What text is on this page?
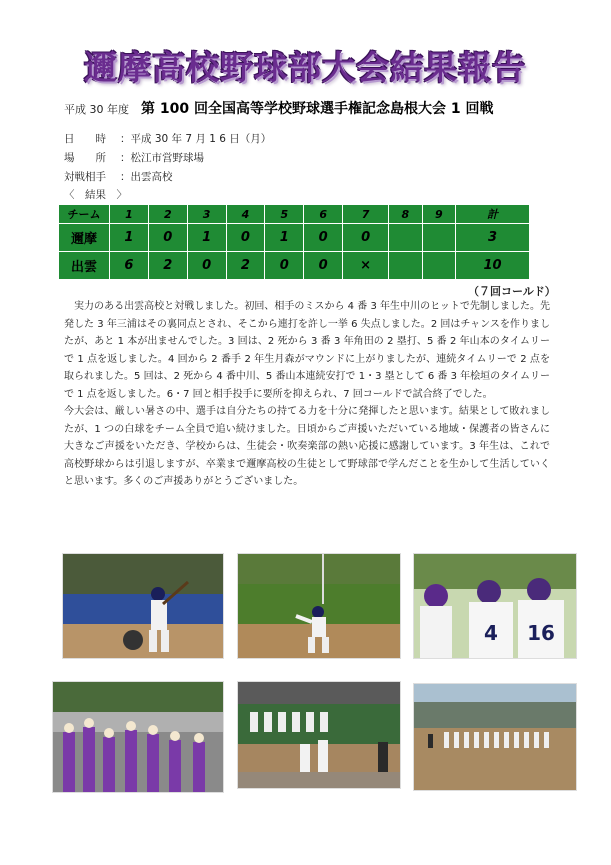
邇摩高校野球部大会結果報告
平成 30 年度 第 100 回全国高等学校野球選手権記念島根大会 1 回戦
日　　時 ：平成 30 年 7 月 1 6 日（月）
場　　所 ：松江市営野球場
対戦相手 ：出雲高校
〈　結果　〉
チーム	1	2	3	4	5	6	7	8	9	計
邇摩	1	0	1	0	1	0	0			3
出雲	6	2	0	2	0	0	×			10
（７回コールド）

　実力のある出雲高校と対戦しました。初回、相手のミスから 4 番 3 年生中川のヒットで先制しました。先発した 3 年三浦はその裏同点とされ、そこから連打を許し一挙 6 失点しました。2 回はチャンスを作りましたが、あと 1 本が出ませんでした。3 回は、2 死から 3 番 3 年角田の 2 塁打、5 番 2 年山本のタイムリーで 1 点を返しました。4 回から 2 番手 2 年生月森がマウンドに上がりましたが、連続タイムリーで 2 点を取られました。5 回は、2 死から 4 番中川、5 番山本連続安打で 1・3 塁として 6 番 3 年桧垣のタイムリーで 1 点を返しました。6・7 回と相手投手に要所を抑えられ、7 回コールドで試合終了でした。

今大会は、厳しい暑さの中、選手は自分たちの持てる力を十分に発揮したと思います。結果として敗れましたが、1 つの白球をチーム全員で追い続けました。日頃からご声援いただいている地域・保護者の皆さんに大きなご声援をいただき、学校からは、生徒会・吹奏楽部の熱い応援に感謝しています。3 年生は、これで高校野球からは引退しますが、卒業まで邇摩高校の生徒として野球部で学んだことを生かして生活していくと思います。多くのご声援ありがとうございました。

4 16
